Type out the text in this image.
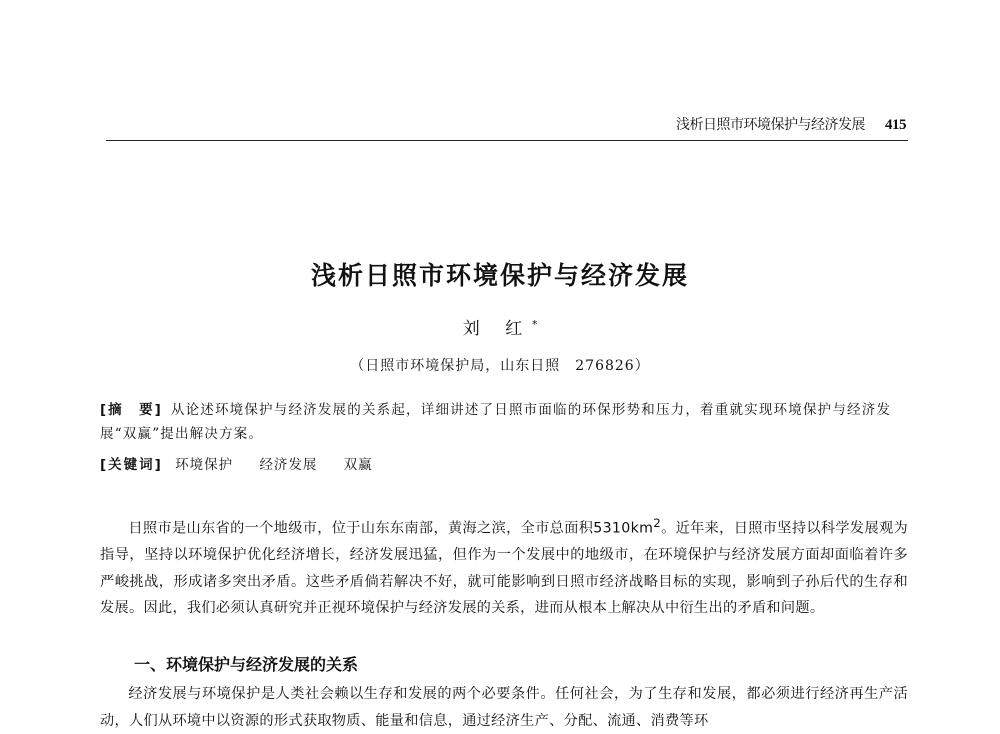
浅析日照市环境保护与经济发展 415
浅析日照市环境保护与经济发展
刘 红*
（日照市环境保护局，山东日照　276826）
[摘　要] 从论述环境保护与经济发展的关系起，详细讲述了日照市面临的环保形势和压力，着重就实现环境保护与经济发展“双赢”提出解决方案。
[关键词] 环境保护 经济发展 双赢

日照市是山东省的一个地级市，位于山东东南部，黄海之滨，全市总面积$5310km^2$。近年来，日照市坚持以科学发展观为指导，坚持以环境保护优化经济增长，经济发展迅猛，但作为一个发展中的地级市，在环境保护与经济发展方面却面临着许多严峻挑战，形成诸多突出矛盾。这些矛盾倘若解决不好，就可能影响到日照市经济战略目标的实现，影响到子孙后代的生存和发展。因此，我们必须认真研究并正视环境保护与经济发展的关系，进而从根本上解决从中衍生出的矛盾和问题。

一、环境保护与经济发展的关系

经济发展与环境保护是人类社会赖以生存和发展的两个必要条件。任何社会，为了生存和发展，都必须进行经济再生产活动，人们从环境中以资源的形式获取物质、能量和信息，通过经济生产、分配、流通、消费等环
